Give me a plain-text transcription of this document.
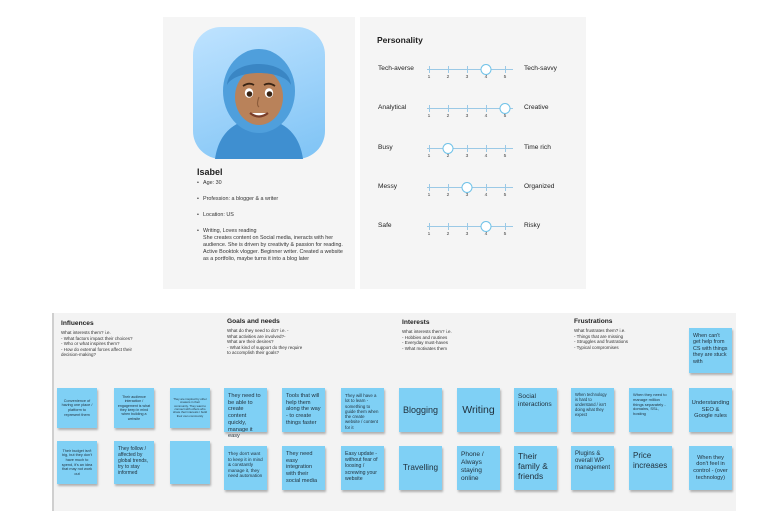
Isabel
• Age: 30
• Profession: a blogger & a writer
• Location: US
• Writing, Loves reading
She creates content on Social media, ineracts with her audience. She is driven by creativity & passion for reading. Active Booktok vlogger. Beginner writer. Created a website as a portfolio, maybe turns it into a blog later
Personality
Tech-averse
1	2	3	4	5
Tech-savvy
Analytical
1	2	3	4	5
Creative
Busy
1	2	3	4	5
Time rich
Messy
1	2	3	4	5
Organized
Safe
1	2	3	4	5
Risky
Influences
What interests them? i.e.
- What factors impact their choices?
- Who or what inspires them?
- How do external forces affect their decision-making?
Goals and needs
What do they need to do? i.e. -
What activities are involved?-
What are their desires?
- What kind of support do they require to accomplish their goals?
Interests
What interests them? i.e.
- Hobbies and routines
- Everyday must-haves
- What motivates them
Frustrations
What frustrates them? i.e.
- Things that are missing
- Struggles and frustrations
- Typical compromises
Convenience of having one place / platform to represent them
Their audience interaction / engagement is what they keep in mind when building a website
They are inspired by other creators in their community. They want to connect with others who share their interests / build their own community
They need to be able to create content quickly, manage it easy
Tools that will help them along the way - to create things faster
They will have a lot to learn - something to guide them when the create website / content for it
Blogging Writing
Social interactions
When technology is hard to understand / isn't doing what they expect
When they need to manage million things separately - domains, SSL, hosting
When can't get help from CS with things they are stuck with
Understanding SEO & Google rules
Their budget isn't big, but they don't have much to spend, it's an idea that may not work out
They follow / affected by global trends, try to stay informed
They don't want to keep it in mind & constantly manage it, they need automation
They need easy integration with their social media
Easy update - without fear of loosing / screwing your website
Travelling
Phone / Always staying online
Their family & friends
Plugins & overall WP management
Price increases
When they don't feel in control - (over technology)
